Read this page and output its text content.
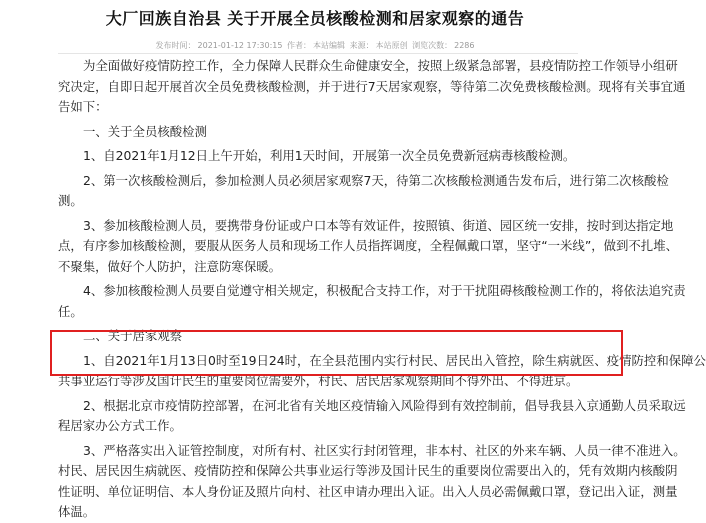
大厂回族自治县 关于开展全员核酸检测和居家观察的通告
发布时间： 2021-01-12 17:30:15 作者： 本站编辑 来源： 本站原创 浏览次数： 2286

为全面做好疫情防控工作，全力保障人民群众生命健康安全，按照上级紧急部署，县疫情防控工作领导小组研
究决定，自即日起开展首次全员免费核酸检测，并于进行7天居家观察，等待第二次免费核酸检测。现将有关事宜通
告如下：

一、关于全员核酸检测

1、自2021年1月12日上午开始，利用1天时间，开展第一次全员免费新冠病毒核酸检测。

2、第一次核酸检测后，参加检测人员必须居家观察7天，待第二次核酸检测通告发布后，进行第二次核酸检
测。

3、参加核酸检测人员，要携带身份证或户口本等有效证件，按照镇、街道、园区统一安排，按时到达指定地
点，有序参加核酸检测，要服从医务人员和现场工作人员指挥调度，全程佩戴口罩，坚守“一米线”，做到不扎堆、
不聚集，做好个人防护，注意防寒保暖。

4、参加核酸检测人员要自觉遵守相关规定，积极配合支持工作，对于干扰阻碍核酸检测工作的，将依法追究责
任。

二、关于居家观察

1、自2021年1月13日0时至19日24时，在全县范围内实行村民、居民出入管控，除生病就医、疫情防控和保障公
共事业运行等涉及国计民生的重要岗位需要外，村民、居民居家观察期间不得外出、不得进京。

2、根据北京市疫情防控部署，在河北省有关地区疫情输入风险得到有效控制前，倡导我县入京通勤人员采取远
程居家办公方式工作。

3、严格落实出入证管控制度，对所有村、社区实行封闭管理，非本村、社区的外来车辆、人员一律不准进入。
村民、居民因生病就医、疫情防控和保障公共事业运行等涉及国计民生的重要岗位需要出入的，凭有效期内核酸阴
性证明、单位证明信、本人身份证及照片向村、社区申请办理出入证。出入人员必需佩戴口罩，登记出入证，测量
体温。
